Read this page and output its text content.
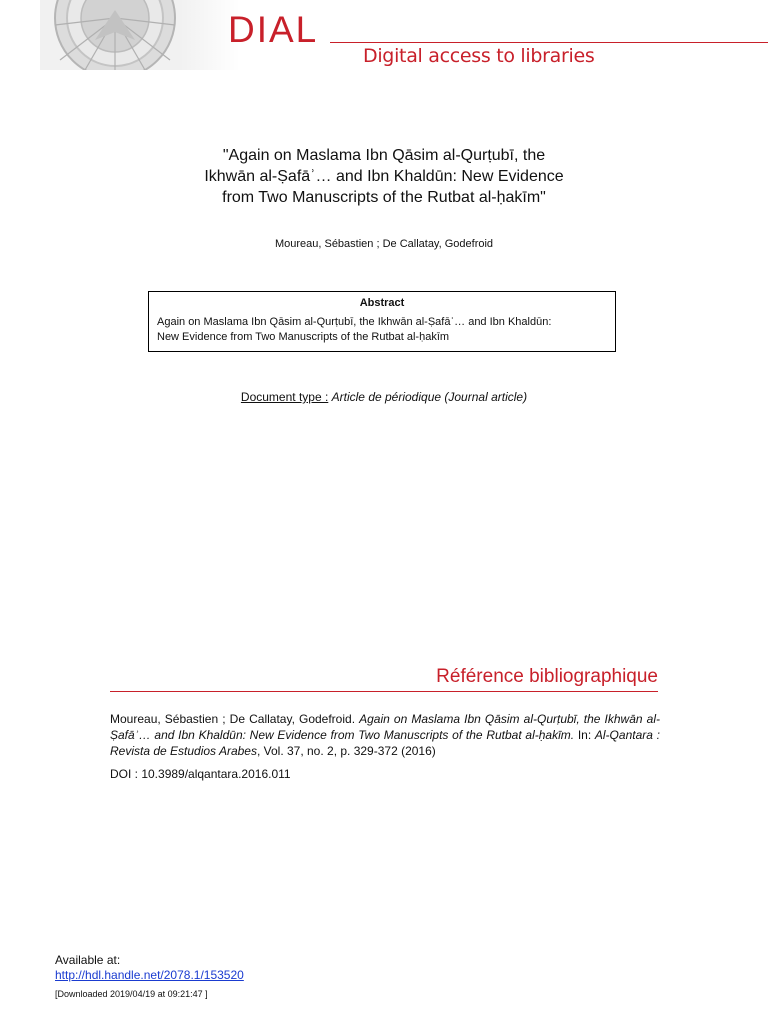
DIAL
Digital access to libraries
"Again on Maslama Ibn Qāsim al-Qurṭubī, the
Ikhwān al-Ṣafāʾ… and Ibn Khaldūn: New Evidence
from Two Manuscripts of the Rutbat al-ḥakīm"
Moureau, Sébastien ; De Callatay, Godefroid
Abstract
Again on Maslama Ibn Qāsim al-Qurṭubī, the Ikhwān al-Ṣafāʾ… and Ibn Khaldūn:
New Evidence from Two Manuscripts of the Rutbat al-ḥakīm
Document type : Article de périodique (Journal article)
Référence bibliographique
Moureau, Sébastien ; De Callatay, Godefroid. Again on Maslama Ibn Qāsim al-Qurṭubī, the Ikhwān al-Ṣafāʾ… and Ibn Khaldūn: New Evidence from Two Manuscripts of the Rutbat al-ḥakīm. In: Al-Qantara : Revista de Estudios Arabes, Vol. 37, no. 2, p. 329-372 (2016)
DOI : 10.3989/alqantara.2016.011
Available at:
http://hdl.handle.net/2078.1/153520
[Downloaded 2019/04/19 at 09:21:47 ]
